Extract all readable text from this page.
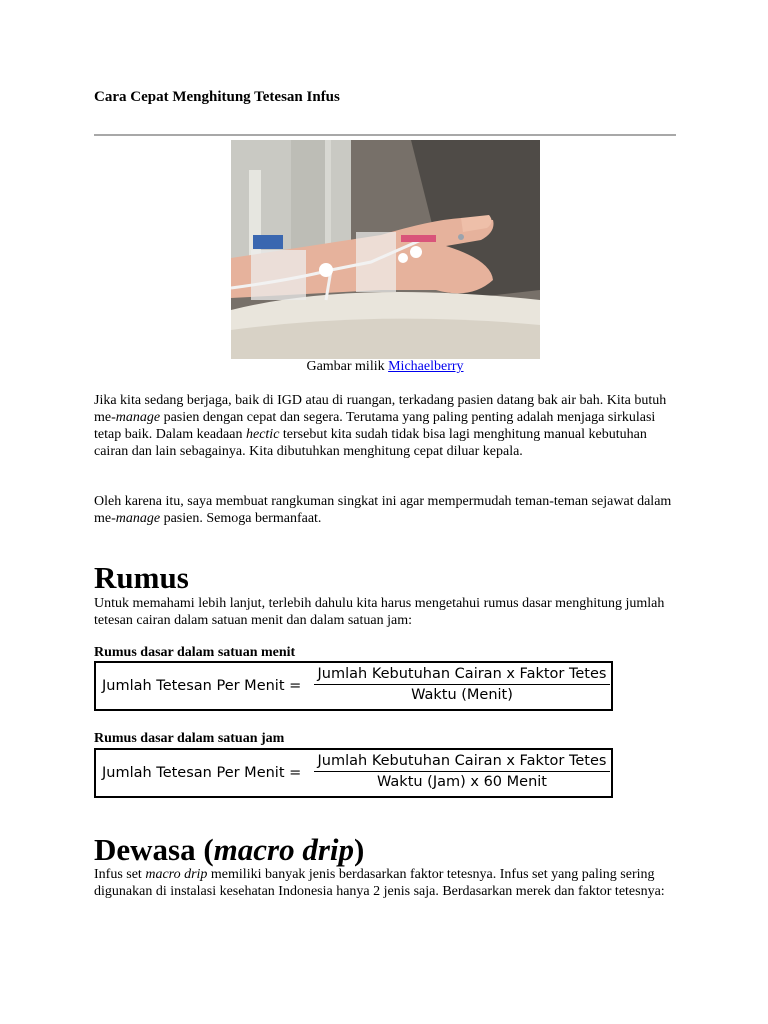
Cara Cepat Menghitung Tetesan Infus
Gambar milik Michaelberry

Jika kita sedang berjaga, baik di IGD atau di ruangan, terkadang pasien datang bak air bah. Kita butuh me-manage pasien dengan cepat dan segera. Terutama yang paling penting adalah menjaga sirkulasi tetap baik. Dalam keadaan hectic tersebut kita sudah tidak bisa lagi menghitung manual kebutuhan cairan dan lain sebagainya. Kita dibutuhkan menghitung cepat diluar kepala.

Oleh karena itu, saya membuat rangkuman singkat ini agar mempermudah teman-teman sejawat dalam me-manage pasien. Semoga bermanfaat.

Rumus

Untuk memahami lebih lanjut, terlebih dahulu kita harus mengetahui rumus dasar menghitung jumlah tetesan cairan dalam satuan menit dan dalam satuan jam:

Rumus dasar dalam satuan menit
Jumlah Tetesan Per Menit =
Jumlah Kebutuhan Cairan x Faktor Tetes
Waktu (Menit)
Rumus dasar dalam satuan jam
Jumlah Tetesan Per Menit =
Jumlah Kebutuhan Cairan x Faktor Tetes
Waktu (Jam) x 60 Menit
Dewasa (macro drip)

Infus set macro drip memiliki banyak jenis berdasarkan faktor tetesnya. Infus set yang paling sering digunakan di instalasi kesehatan Indonesia hanya 2 jenis saja. Berdasarkan merek dan faktor tetesnya:
